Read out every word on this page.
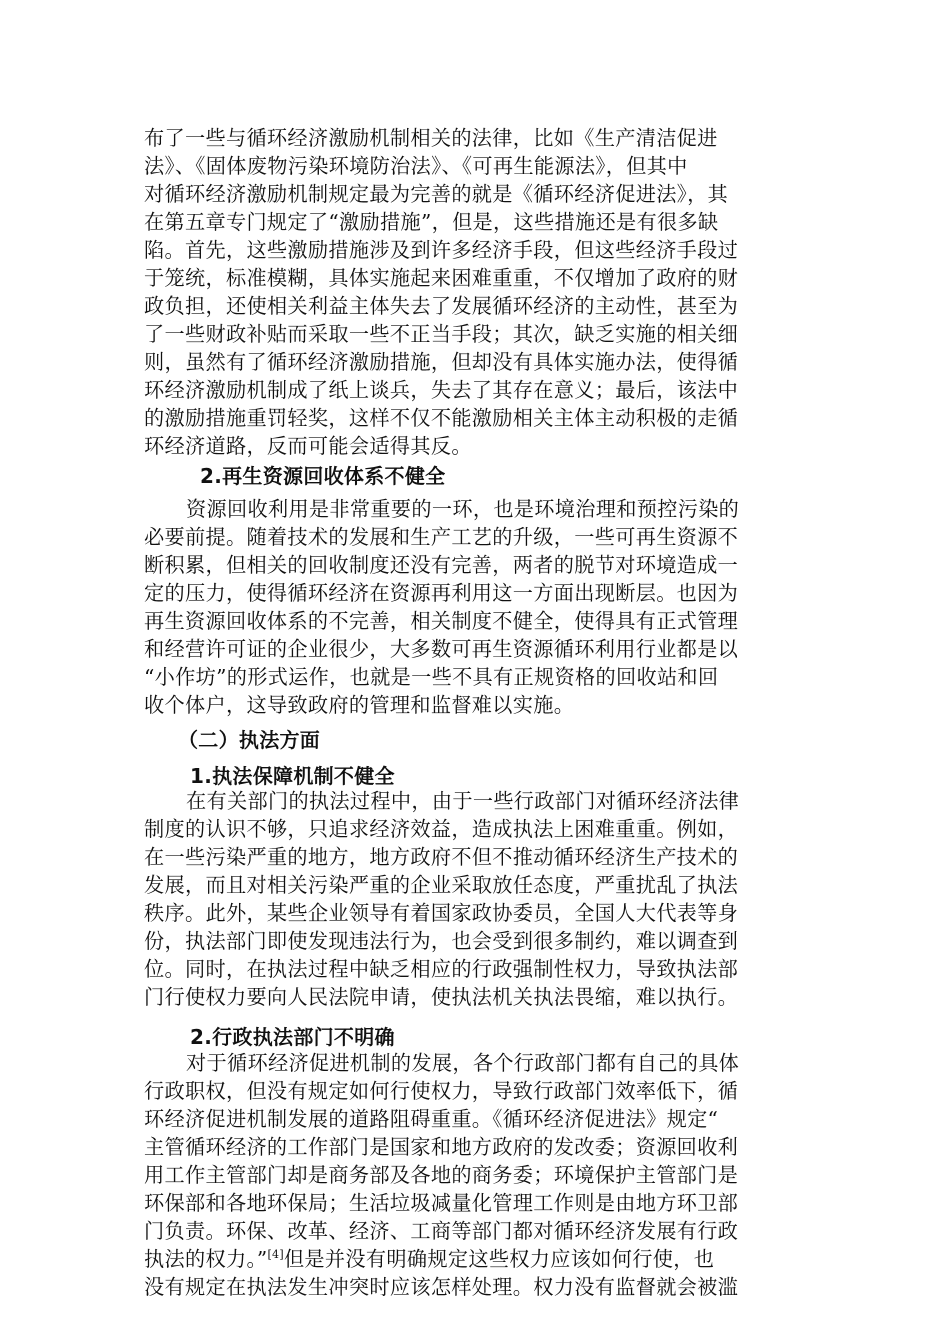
布了一些与循环经济激励机制相关的法律，比如《生产清洁促进
法》、《固体废物污染环境防治法》、《可再生能源法》，但其中
对循环经济激励机制规定最为完善的就是《循环经济促进法》，其
在第五章专门规定了“激励措施”，但是，这些措施还是有很多缺
陷。首先，这些激励措施涉及到许多经济手段，但这些经济手段过
于笼统，标准模糊，具体实施起来困难重重，不仅增加了政府的财
政负担，还使相关利益主体失去了发展循环经济的主动性，甚至为
了一些财政补贴而采取一些不正当手段；其次，缺乏实施的相关细
则，虽然有了循环经济激励措施，但却没有具体实施办法，使得循
环经济激励机制成了纸上谈兵，失去了其存在意义；最后，该法中
的激励措施重罚轻奖，这样不仅不能激励相关主体主动积极的走循
环经济道路，反而可能会适得其反。
2.再生资源回收体系不健全
资源回收利用是非常重要的一环，也是环境治理和预控污染的
必要前提。随着技术的发展和生产工艺的升级，一些可再生资源不
断积累，但相关的回收制度还没有完善，两者的脱节对环境造成一
定的压力，使得循环经济在资源再利用这一方面出现断层。也因为
再生资源回收体系的不完善，相关制度不健全，使得具有正式管理
和经营许可证的企业很少，大多数可再生资源循环利用行业都是以
“小作坊”的形式运作，也就是一些不具有正规资格的回收站和回
收个体户，这导致政府的管理和监督难以实施。
（二）执法方面
1.执法保障机制不健全
在有关部门的执法过程中，由于一些行政部门对循环经济法律
制度的认识不够，只追求经济效益，造成执法上困难重重。例如，
在一些污染严重的地方，地方政府不但不推动循环经济生产技术的
发展，而且对相关污染严重的企业采取放任态度，严重扰乱了执法
秩序。此外，某些企业领导有着国家政协委员，全国人大代表等身
份，执法部门即使发现违法行为，也会受到很多制约，难以调查到
位。同时，在执法过程中缺乏相应的行政强制性权力，导致执法部
门行使权力要向人民法院申请，使执法机关执法畏缩，难以执行。
2.行政执法部门不明确
对于循环经济促进机制的发展，各个行政部门都有自己的具体
行政职权，但没有规定如何行使权力，导致行政部门效率低下，循
环经济促进机制发展的道路阻碍重重。《循环经济促进法》规定“
主管循环经济的工作部门是国家和地方政府的发改委；资源回收利
用工作主管部门却是商务部及各地的商务委；环境保护主管部门是
环保部和各地环保局；生活垃圾减量化管理工作则是由地方环卫部
门负责。环保、改革、经济、工商等部门都对循环经济发展有行政
执法的权力。”[4]但是并没有明确规定这些权力应该如何行使，也
没有规定在执法发生冲突时应该怎样处理。权力没有监督就会被滥
